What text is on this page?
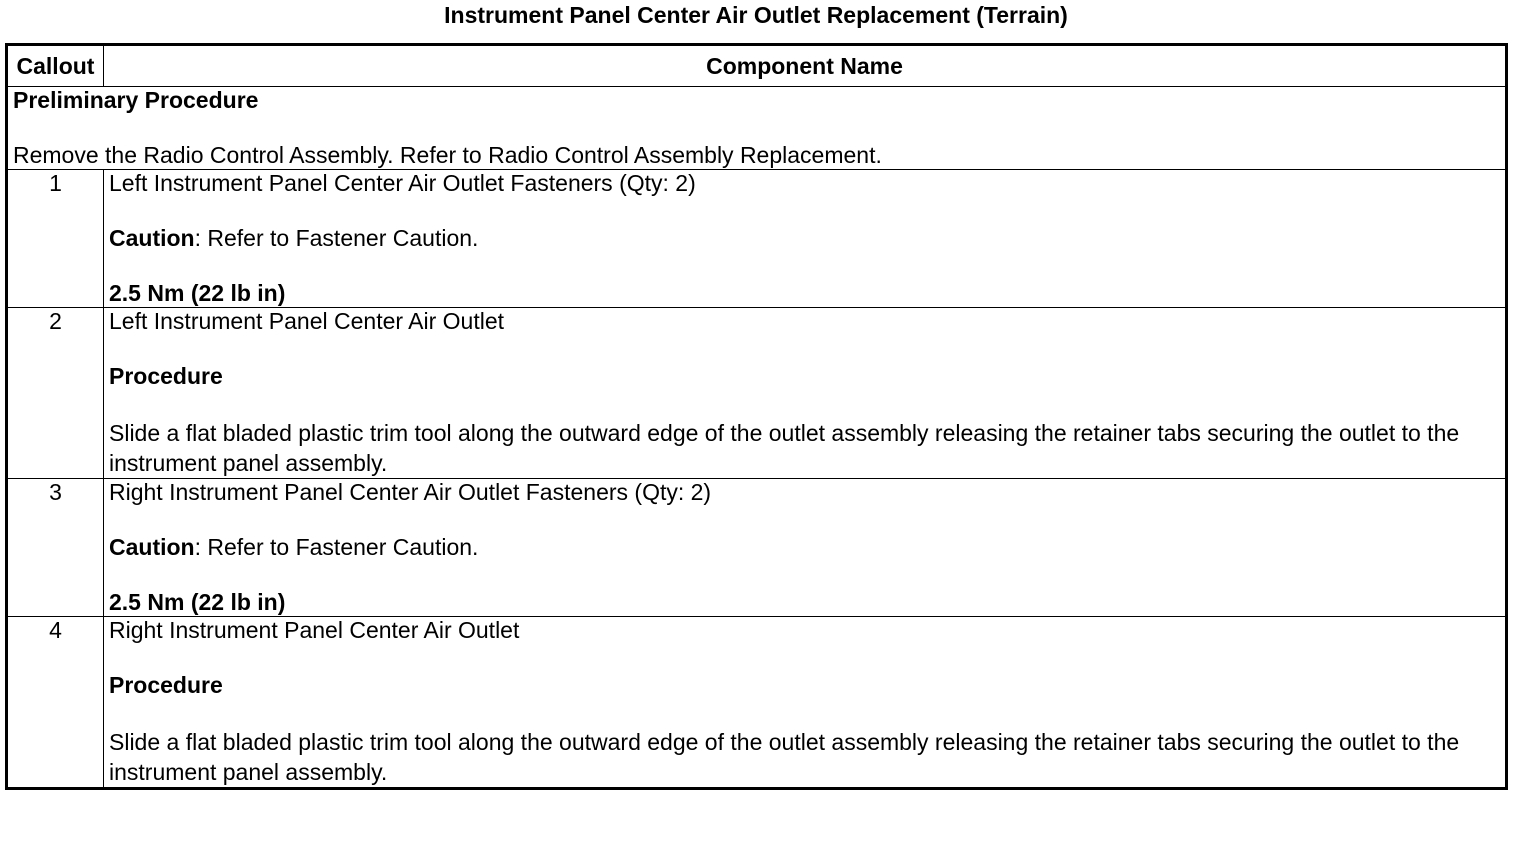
Instrument Panel Center Air Outlet Replacement (Terrain)
Callout	Component Name

Preliminary Procedure
Remove the Radio Control Assembly. Refer to Radio Control Assembly Replacement.	

1	Left Instrument Panel Center Air Outlet Fasteners (Qty: 2)
Caution: Refer to Fastener Caution.
2.5 Nm (22 lb in)

2	Left Instrument Panel Center Air Outlet
Procedure
Slide a flat bladed plastic trim tool along the outward edge of the outlet assembly releasing the retainer tabs securing the outlet to the instrument panel assembly.

3	Right Instrument Panel Center Air Outlet Fasteners (Qty: 2)
Caution: Refer to Fastener Caution.
2.5 Nm (22 lb in)

4	Right Instrument Panel Center Air Outlet
Procedure
Slide a flat bladed plastic trim tool along the outward edge of the outlet assembly releasing the retainer tabs securing the outlet to the instrument panel assembly.
